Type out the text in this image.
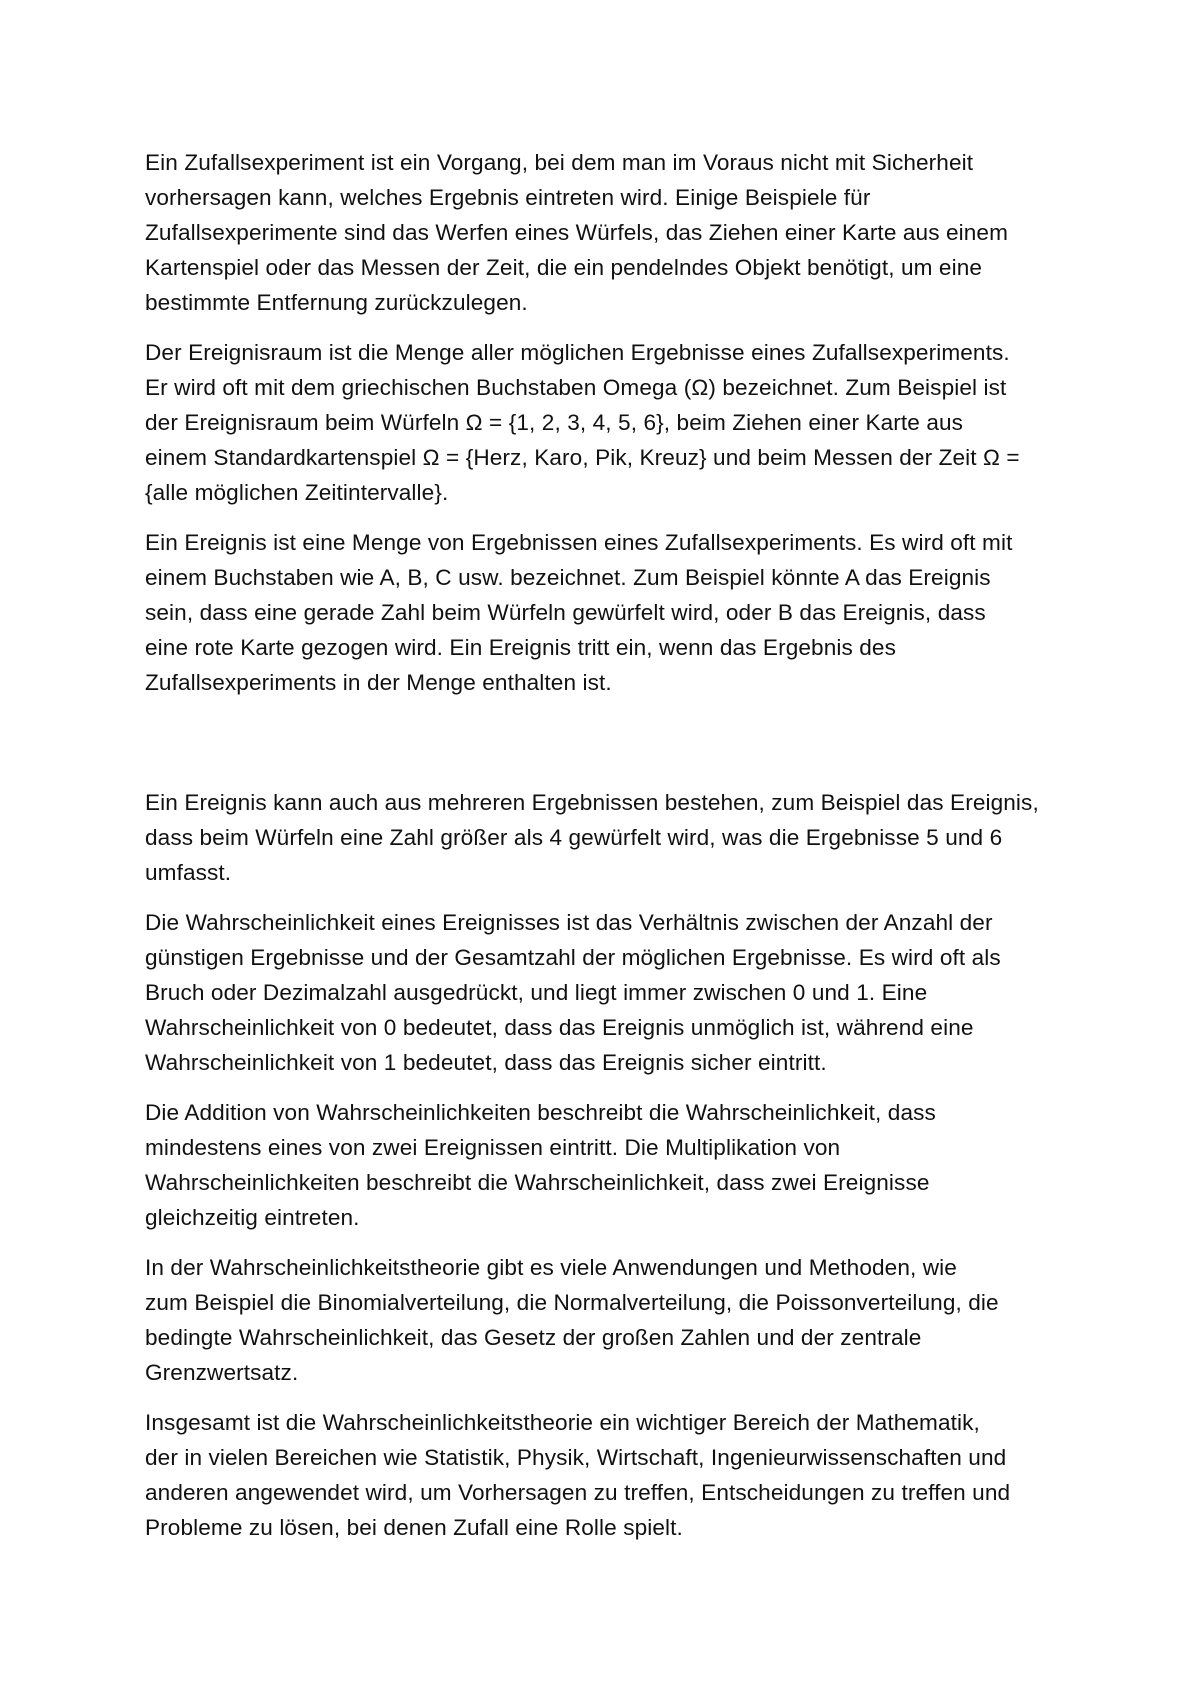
Ein Zufallsexperiment ist ein Vorgang, bei dem man im Voraus nicht mit Sicherheit
vorhersagen kann, welches Ergebnis eintreten wird. Einige Beispiele für
Zufallsexperimente sind das Werfen eines Würfels, das Ziehen einer Karte aus einem
Kartenspiel oder das Messen der Zeit, die ein pendelndes Objekt benötigt, um eine
bestimmte Entfernung zurückzulegen.

Der Ereignisraum ist die Menge aller möglichen Ergebnisse eines Zufallsexperiments.
Er wird oft mit dem griechischen Buchstaben Omega (Ω) bezeichnet. Zum Beispiel ist
der Ereignisraum beim Würfeln Ω = {1, 2, 3, 4, 5, 6}, beim Ziehen einer Karte aus
einem Standardkartenspiel Ω = {Herz, Karo, Pik, Kreuz} und beim Messen der Zeit Ω =
{alle möglichen Zeitintervalle}.

Ein Ereignis ist eine Menge von Ergebnissen eines Zufallsexperiments. Es wird oft mit
einem Buchstaben wie A, B, C usw. bezeichnet. Zum Beispiel könnte A das Ereignis
sein, dass eine gerade Zahl beim Würfeln gewürfelt wird, oder B das Ereignis, dass
eine rote Karte gezogen wird. Ein Ereignis tritt ein, wenn das Ergebnis des
Zufallsexperiments in der Menge enthalten ist.

Ein Ereignis kann auch aus mehreren Ergebnissen bestehen, zum Beispiel das Ereignis,
dass beim Würfeln eine Zahl größer als 4 gewürfelt wird, was die Ergebnisse 5 und 6
umfasst.

Die Wahrscheinlichkeit eines Ereignisses ist das Verhältnis zwischen der Anzahl der
günstigen Ergebnisse und der Gesamtzahl der möglichen Ergebnisse. Es wird oft als
Bruch oder Dezimalzahl ausgedrückt, und liegt immer zwischen 0 und 1. Eine
Wahrscheinlichkeit von 0 bedeutet, dass das Ereignis unmöglich ist, während eine
Wahrscheinlichkeit von 1 bedeutet, dass das Ereignis sicher eintritt.

Die Addition von Wahrscheinlichkeiten beschreibt die Wahrscheinlichkeit, dass
mindestens eines von zwei Ereignissen eintritt. Die Multiplikation von
Wahrscheinlichkeiten beschreibt die Wahrscheinlichkeit, dass zwei Ereignisse
gleichzeitig eintreten.

In der Wahrscheinlichkeitstheorie gibt es viele Anwendungen und Methoden, wie
zum Beispiel die Binomialverteilung, die Normalverteilung, die Poissonverteilung, die
bedingte Wahrscheinlichkeit, das Gesetz der großen Zahlen und der zentrale
Grenzwertsatz.

Insgesamt ist die Wahrscheinlichkeitstheorie ein wichtiger Bereich der Mathematik,
der in vielen Bereichen wie Statistik, Physik, Wirtschaft, Ingenieurwissenschaften und
anderen angewendet wird, um Vorhersagen zu treffen, Entscheidungen zu treffen und
Probleme zu lösen, bei denen Zufall eine Rolle spielt.
